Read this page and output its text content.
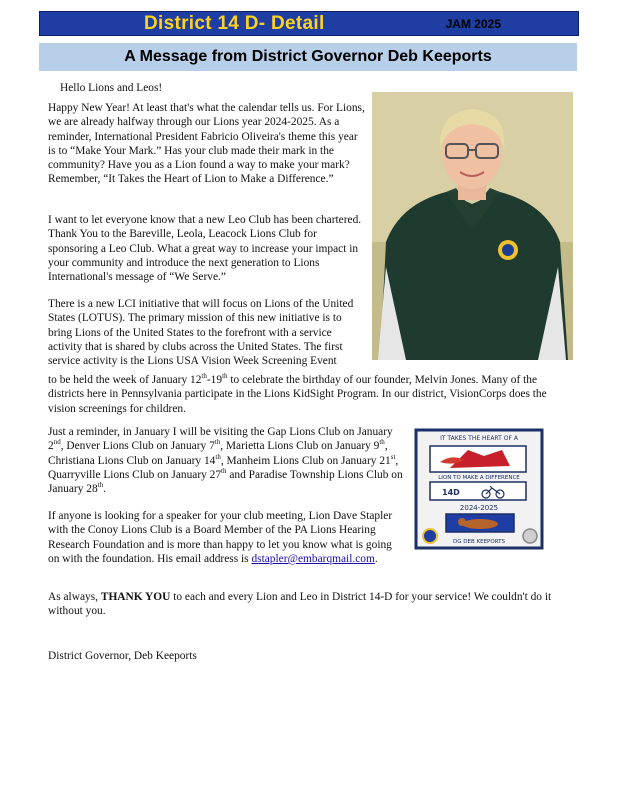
District 14 D- Detail	JAM 2025
A Message from District Governor Deb Keeports

Hello Lions and Leos!

Happy New Year! At least that's what the calendar tells us. For Lions, we are already halfway through our Lions year 2024-2025. As a reminder, International President Fabricio Oliveira's theme this year is to “Make Your Mark.” Has your club made their mark in the community? Have you as a Lion found a way to make your mark? Remember, “It Takes the Heart of Lion to Make a Difference.”

I want to let everyone know that a new Leo Club has been chartered. Thank You to the Bareville, Leola, Leacock Lions Club for sponsoring a Leo Club. What a great way to increase your impact in your community and introduce the next generation to Lions International's message of “We Serve.”

There is a new LCI initiative that will focus on Lions of the United States (LOTUS). The primary mission of this new initiative is to bring Lions of the United States to the forefront with a service activity that is shared by clubs across the United States. The first service activity is the Lions USA Vision Week Screening Event

to be held the week of January 12th-19th to celebrate the birthday of our founder, Melvin Jones. Many of the districts here in Pennsylvania participate in the Lions KidSight Program. In our district, VisionCorps does the vision screenings for children.

Just a reminder, in January I will be visiting the Gap Lions Club on January 2nd, Denver Lions Club on January 7th, Marietta Lions Club on January 9th, Christiana Lions Club on January 14th, Manheim Lions Club on January 21st, Quarryville Lions Club on January 27th and Paradise Township Lions Club on January 28th.

If anyone is looking for a speaker for your club meeting, Lion Dave Stapler with the Conoy Lions Club is a Board Member of the PA Lions Hearing Research Foundation and is more than happy to let you know what is going on with the foundation. His email address is dstapler@embarqmail.com.

As always, THANK YOU to each and every Lion and Leo in District 14-D for your service! We couldn't do it without you.

District Governor, Deb Keeports

IT TAKES THE HEART OF A
LION TO MAKE A DIFFERENCE
14D
2024-2025
DG DEB KEEPORTS
